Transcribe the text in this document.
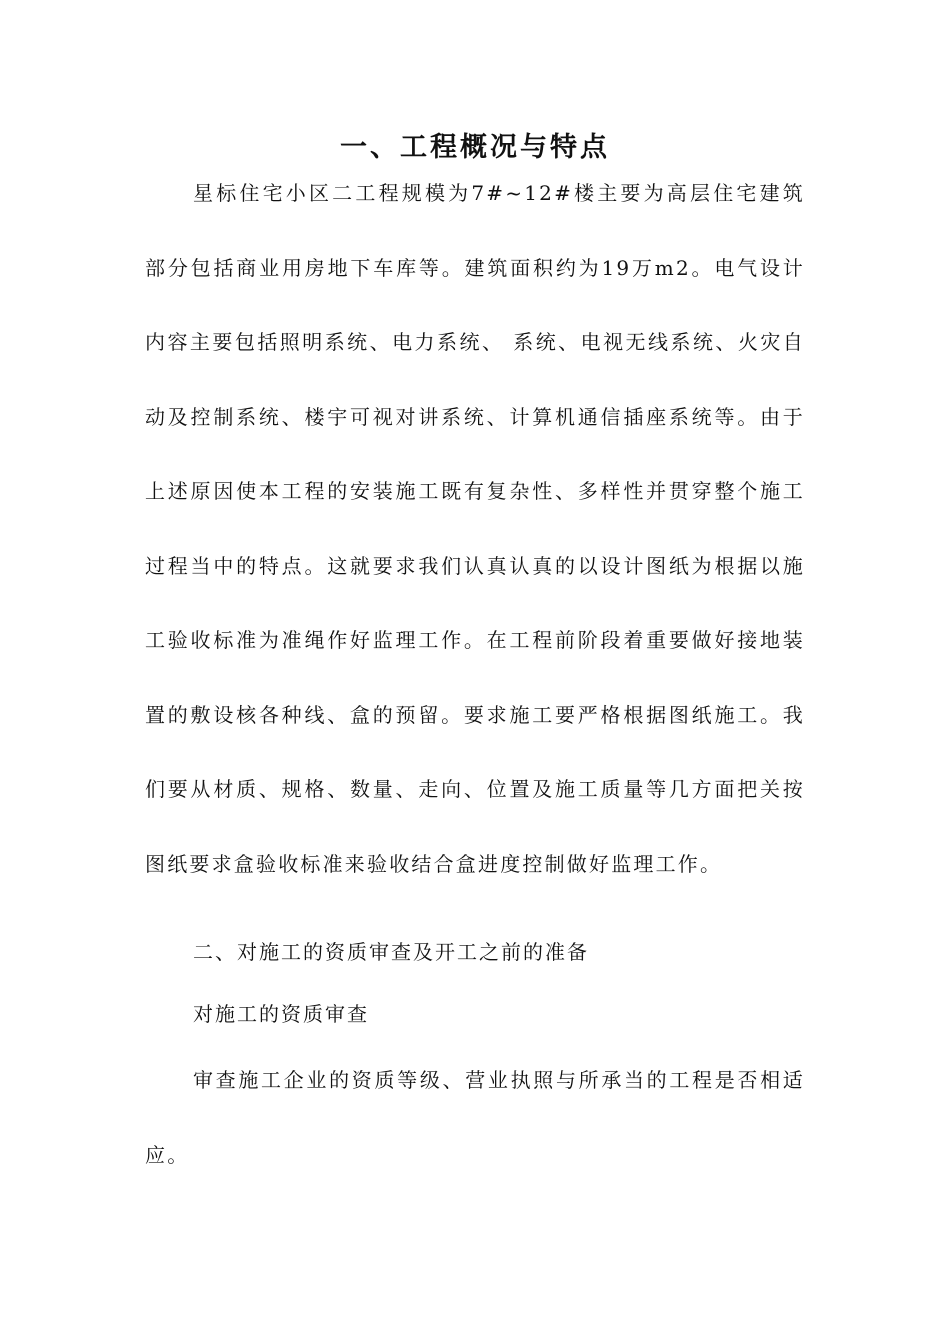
一、工程概况与特点

星标住宅小区二工程规模为7#~12#楼主要为高层住宅建筑部分包括商业用房地下车库等。建筑面积约为19万m2。电气设计内容主要包括照明系统、电力系统、 系统、电视无线系统、火灾自动及控制系统、楼宇可视对讲系统、计算机通信插座系统等。由于上述原因使本工程的安装施工既有复杂性、多样性并贯穿整个施工过程当中的特点。这就要求我们认真认真的以设计图纸为根据以施工验收标准为准绳作好监理工作。在工程前阶段着重要做好接地装置的敷设核各种线、盒的预留。要求施工要严格根据图纸施工。我们要从材质、规格、数量、走向、位置及施工质量等几方面把关按图纸要求盒验收标准来验收结合盒进度控制做好监理工作。

二、对施工的资质审查及开工之前的准备
对施工的资质审查

审查施工企业的资质等级、营业执照与所承当的工程是否相适应。
